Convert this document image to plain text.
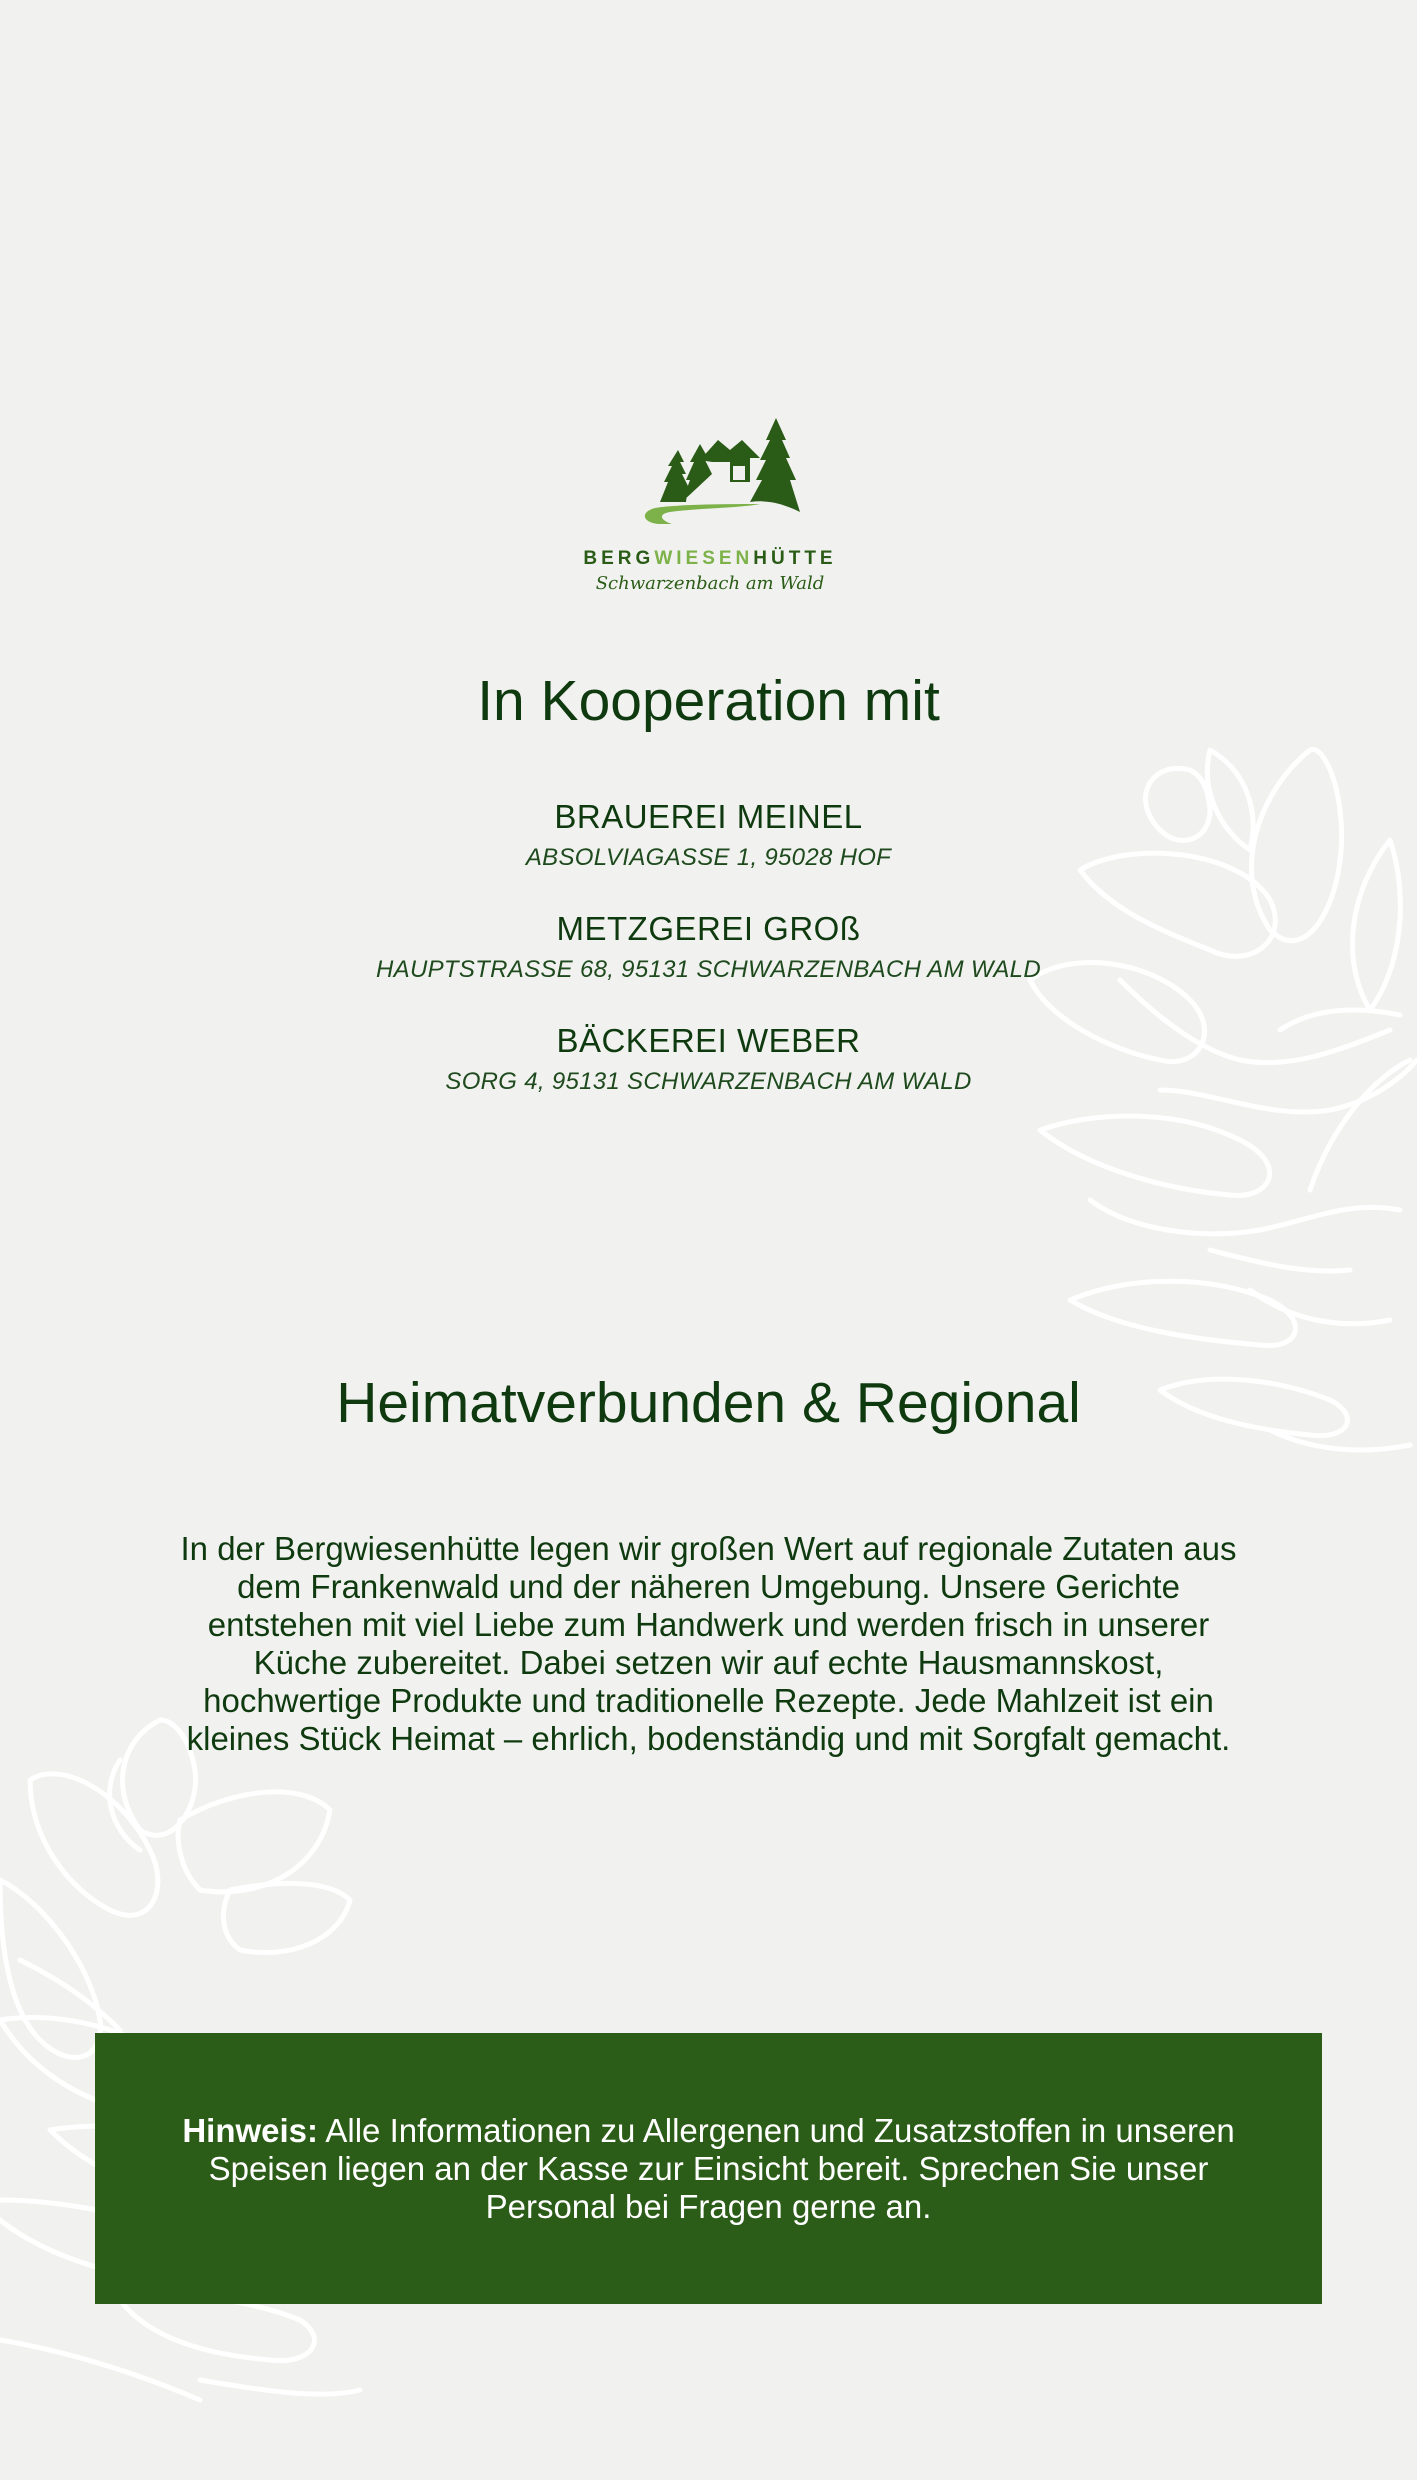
BERGWIESENHÜTTE
Schwarzenbach am Wald
In Kooperation mit
BRAUEREI MEINEL
ABSOLVIAGASSE 1, 95028 HOF
METZGEREI GROß
HAUPTSTRASSE 68, 95131 SCHWARZENBACH AM WALD
BÄCKEREI WEBER
SORG 4, 95131 SCHWARZENBACH AM WALD
Heimatverbunden & Regional

In der Bergwiesenhütte legen wir großen Wert auf regionale Zutaten aus dem Frankenwald und der näheren Umgebung. Unsere Gerichte entstehen mit viel Liebe zum Handwerk und werden frisch in unserer Küche zubereitet. Dabei setzen wir auf echte Hausmannskost, hochwertige Produkte und traditionelle Rezepte. Jede Mahlzeit ist ein kleines Stück Heimat – ehrlich, bodenständig und mit Sorgfalt gemacht.

Hinweis: Alle Informationen zu Allergenen und Zusatzstoffen in unseren Speisen liegen an der Kasse zur Einsicht bereit. Sprechen Sie unser Personal bei Fragen gerne an.
